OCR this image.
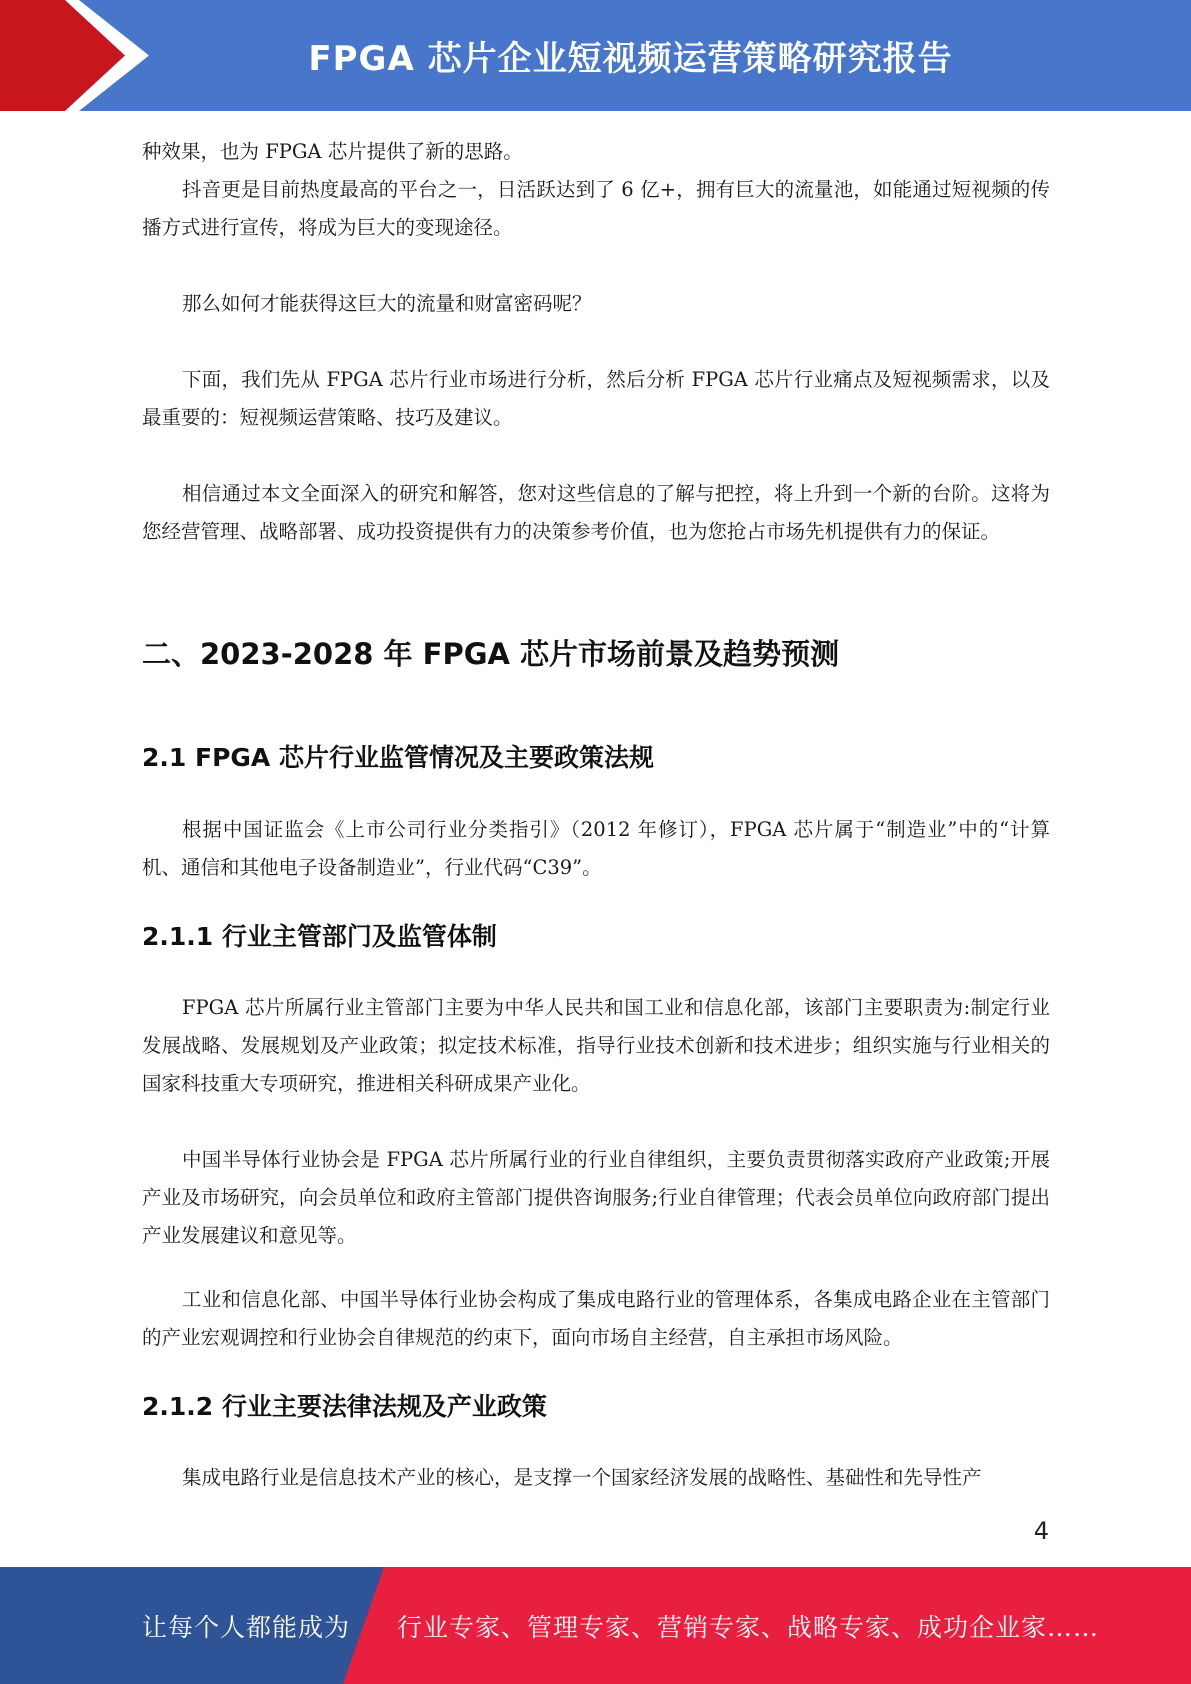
FPGA 芯片企业短视频运营策略研究报告

种效果，也为 FPGA 芯片提供了新的思路。

抖音更是目前热度最高的平台之一，日活跃达到了 6 亿+，拥有巨大的流量池，如能通过短视频的传播方式进行宣传，将成为巨大的变现途径。

那么如何才能获得这巨大的流量和财富密码呢？

下面，我们先从 FPGA 芯片行业市场进行分析，然后分析 FPGA 芯片行业痛点及短视频需求，以及最重要的：短视频运营策略、技巧及建议。

相信通过本文全面深入的研究和解答，您对这些信息的了解与把控，将上升到一个新的台阶。这将为您经营管理、战略部署、成功投资提供有力的决策参考价值，也为您抢占市场先机提供有力的保证。

二、2023-2028 年 FPGA 芯片市场前景及趋势预测
2.1 FPGA 芯片行业监管情况及主要政策法规

根据中国证监会《上市公司行业分类指引》（2012 年修订），FPGA 芯片属于“制造业”中的“计算机、通信和其他电子设备制造业”，行业代码“C39”。

2.1.1 行业主管部门及监管体制

FPGA 芯片所属行业主管部门主要为中华人民共和国工业和信息化部，该部门主要职责为:制定行业发展战略、发展规划及产业政策；拟定技术标准，指导行业技术创新和技术进步；组织实施与行业相关的国家科技重大专项研究，推进相关科研成果产业化。

中国半导体行业协会是 FPGA 芯片所属行业的行业自律组织，主要负责贯彻落实政府产业政策;开展产业及市场研究，向会员单位和政府主管部门提供咨询服务;行业自律管理；代表会员单位向政府部门提出产业发展建议和意见等。

工业和信息化部、中国半导体行业协会构成了集成电路行业的管理体系，各集成电路企业在主管部门的产业宏观调控和行业协会自律规范的约束下，面向市场自主经营，自主承担市场风险。

2.1.2 行业主要法律法规及产业政策

集成电路行业是信息技术产业的核心，是支撑一个国家经济发展的战略性、基础性和先导性产

4
让每个人都能成为 行业专家、管理专家、营销专家、战略专家、成功企业家……
